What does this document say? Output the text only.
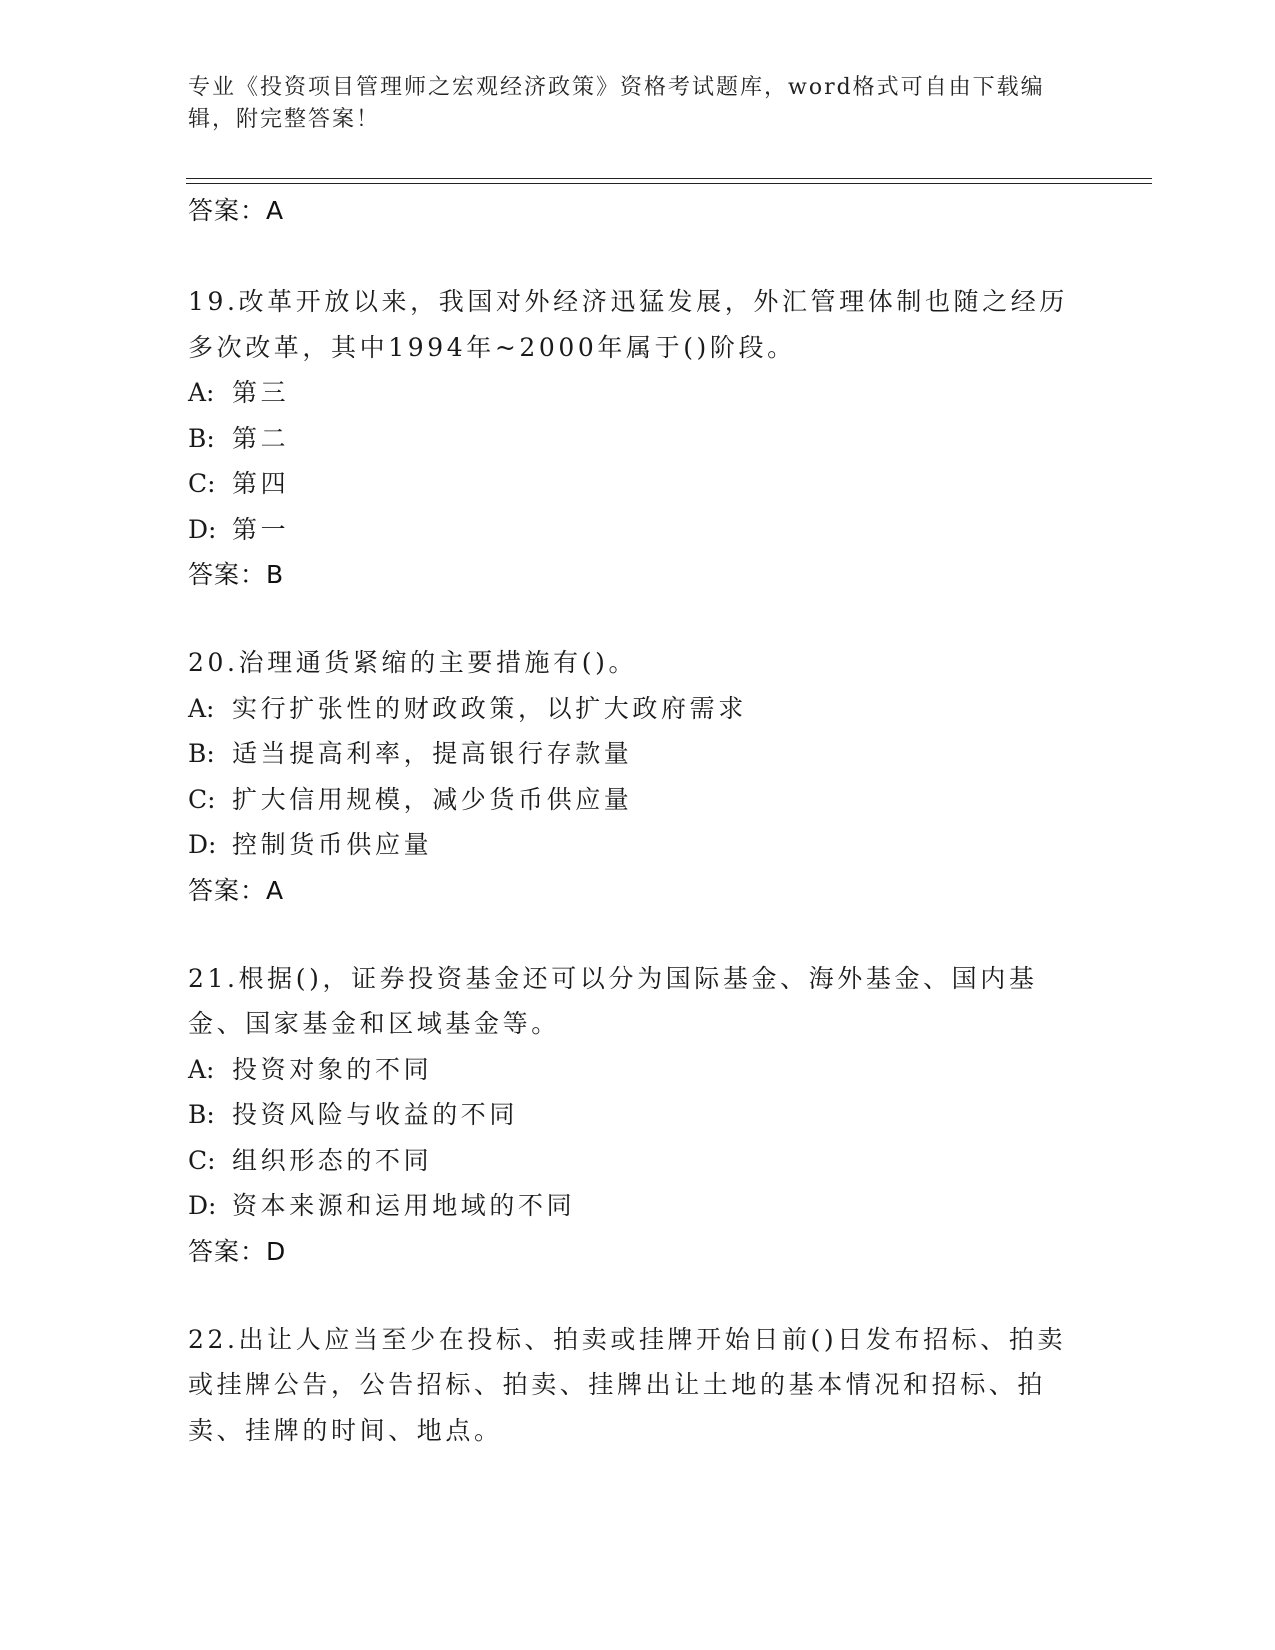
专业《投资项目管理师之宏观经济政策》资格考试题库，word格式可自由下载编辑，附完整答案！
答案：A
19.改革开放以来，我国对外经济迅猛发展，外汇管理体制也随之经历多次改革，其中1994年~2000年属于()阶段。
A: 第三
B: 第二
C: 第四
D: 第一
答案：B
20.治理通货紧缩的主要措施有()。
A: 实行扩张性的财政政策，以扩大政府需求
B: 适当提高利率，提高银行存款量
C: 扩大信用规模，减少货币供应量
D: 控制货币供应量
答案：A
21.根据()，证券投资基金还可以分为国际基金、海外基金、国内基金、国家基金和区域基金等。
A: 投资对象的不同
B: 投资风险与收益的不同
C: 组织形态的不同
D: 资本来源和运用地域的不同
答案：D
22.出让人应当至少在投标、拍卖或挂牌开始日前()日发布招标、拍卖或挂牌公告，公告招标、拍卖、挂牌出让土地的基本情况和招标、拍卖、挂牌的时间、地点。
